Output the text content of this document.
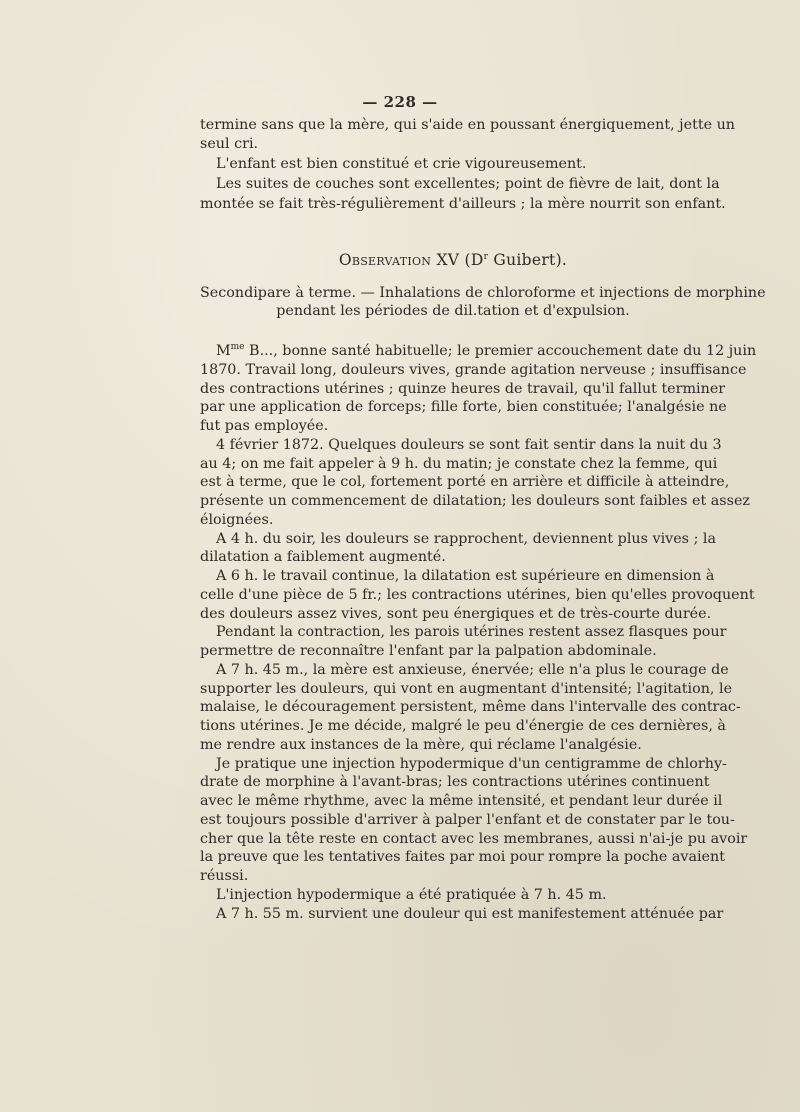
— 228 —
termine sans que la mère, qui s'aide en poussant énergiquement, jette un
seul cri.
L'enfant est bien constitué et crie vigoureusement.
Les suites de couches sont excellentes; point de fièvre de lait, dont la
montée se fait très-régulièrement d'ailleurs ; la mère nourrit son enfant.
Observation XV ($D^r$ Guibert).
Secondipare à terme. — Inhalations de chloroforme et injections de morphine
pendant les périodes de dil.tation et d'expulsion.
$M^{me}$ B..., bonne santé habituelle; le premier accouchement date du 12 juin
1870. Travail long, douleurs vives, grande agitation nerveuse ; insuffisance
des contractions utérines ; quinze heures de travail, qu'il fallut terminer
par une application de forceps; fille forte, bien constituée; l'analgésie ne
fut pas employée.
4 février 1872. Quelques douleurs se sont fait sentir dans la nuit du 3
au 4; on me fait appeler à 9 h. du matin; je constate chez la femme, qui
est à terme, que le col, fortement porté en arrière et difficile à atteindre,
présente un commencement de dilatation; les douleurs sont faibles et assez
éloignées.
A 4 h. du soir, les douleurs se rapprochent, deviennent plus vives ; la
dilatation a faiblement augmenté.
A 6 h. le travail continue, la dilatation est supérieure en dimension à
celle d'une pièce de 5 fr.; les contractions utérines, bien qu'elles provoquent
des douleurs assez vives, sont peu énergiques et de très-courte durée.
Pendant la contraction, les parois utérines restent assez flasques pour
permettre de reconnaître l'enfant par la palpation abdominale.
A 7 h. 45 m., la mère est anxieuse, énervée; elle n'a plus le courage de
supporter les douleurs, qui vont en augmentant d'intensité; l'agitation, le
malaise, le découragement persistent, même dans l'intervalle des contrac-
tions utérines. Je me décide, malgré le peu d'énergie de ces dernières, à
me rendre aux instances de la mère, qui réclame l'analgésie.
Je pratique une injection hypodermique d'un centigramme de chlorhy-
drate de morphine à l'avant-bras; les contractions utérines continuent
avec le même rhythme, avec la même intensité, et pendant leur durée il
est toujours possible d'arriver à palper l'enfant et de constater par le tou-
cher que la tête reste en contact avec les membranes, aussi n'ai-je pu avoir
la preuve que les tentatives faites par moi pour rompre la poche avaient
réussi.
L'injection hypodermique a été pratiquée à 7 h. 45 m.
A 7 h. 55 m. survient une douleur qui est manifestement atténuée par
